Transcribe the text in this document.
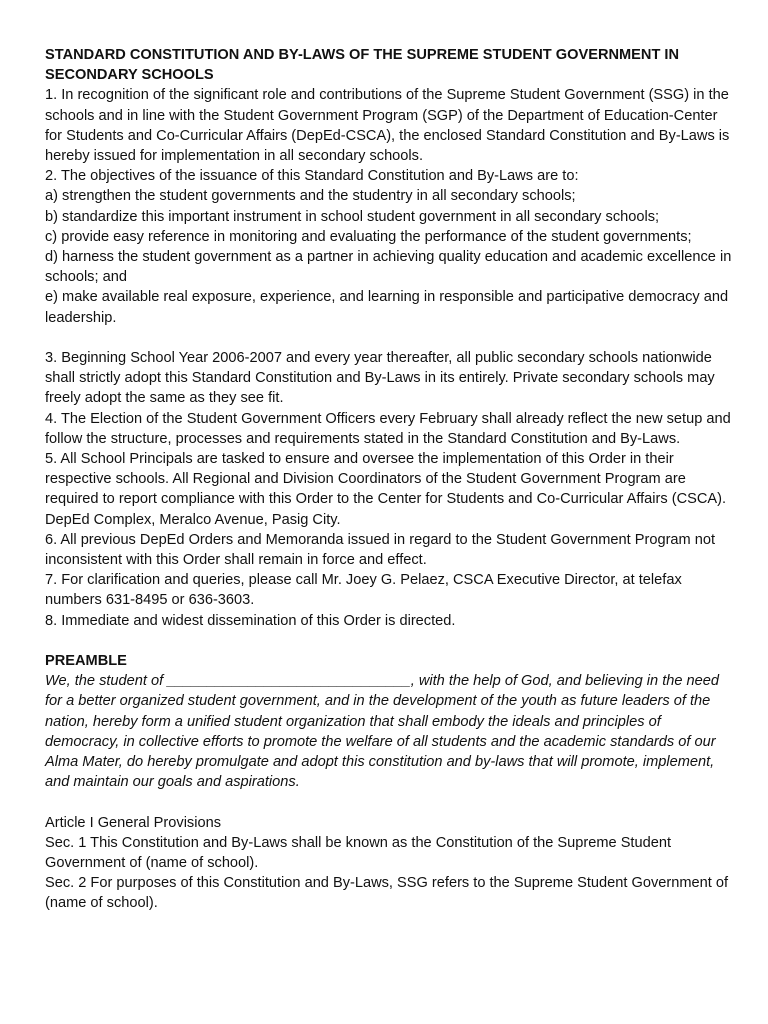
STANDARD CONSTITUTION AND BY-LAWS OF THE SUPREME STUDENT GOVERNMENT IN SECONDARY SCHOOLS

1. In recognition of the significant role and contributions of the Supreme Student Government (SSG) in the schools and in line with the Student Government Program (SGP) of the Department of Education-Center for Students and Co-Curricular Affairs (DepEd-CSCA), the enclosed Standard Constitution and By-Laws is hereby issued for implementation in all secondary schools.

2. The objectives of the issuance of this Standard Constitution and By-Laws are to:

a) strengthen the student governments and the studentry in all secondary schools;

b) standardize this important instrument in school student government in all secondary schools;

c) provide easy reference in monitoring and evaluating the performance of the student governments;

d) harness the student government as a partner in achieving quality education and academic excellence in schools; and

e) make available real exposure, experience, and learning in responsible and participative democracy and leadership.

3. Beginning School Year 2006-2007 and every year thereafter, all public secondary schools nationwide shall strictly adopt this Standard Constitution and By-Laws in its entirely. Private secondary schools may freely adopt the same as they see fit.

4. The Election of the Student Government Officers every February shall already reflect the new setup and follow the structure, processes and requirements stated in the Standard Constitution and By-Laws.

5. All School Principals are tasked to ensure and oversee the implementation of this Order in their respective schools. All Regional and Division Coordinators of the Student Government Program are required to report compliance with this Order to the Center for Students and Co-Curricular Affairs (CSCA). DepEd Complex, Meralco Avenue, Pasig City.

6. All previous DepEd Orders and Memoranda issued in regard to the Student Government Program not inconsistent with this Order shall remain in force and effect.

7. For clarification and queries, please call Mr. Joey G. Pelaez, CSCA Executive Director, at telefax numbers 631-8495 or 636-3603.

8. Immediate and widest dissemination of this Order is directed.

PREAMBLE

We, the student of ______________________________, with the help of God, and believing in the need for a better organized student government, and in the development of the youth as future leaders of the nation, hereby form a unified student organization that shall embody the ideals and principles of democracy, in collective efforts to promote the welfare of all students and the academic standards of our Alma Mater, do hereby promulgate and adopt this constitution and by-laws that will promote, implement, and maintain our goals and aspirations.

Article I General Provisions

Sec. 1 This Constitution and By-Laws shall be known as the Constitution of the Supreme Student Government of (name of school).

Sec. 2 For purposes of this Constitution and By-Laws, SSG refers to the Supreme Student Government of (name of school).
